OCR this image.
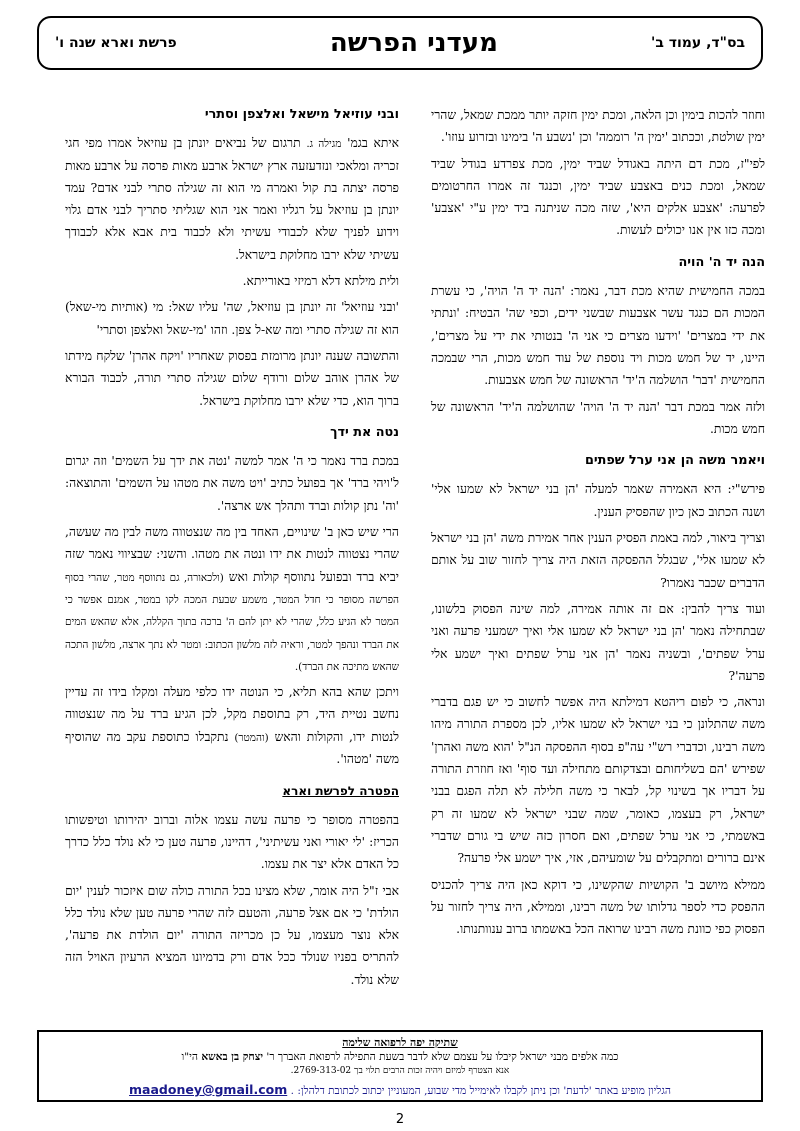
בס"ד, עמוד ב'
מעדני הפרשה
פרשת וארא שנה ו'

וחוזר להכות בימין וכן הלאה, ומכת ימין חזקה יותר ממכת שמאל, שהרי ימין שולטת, וככתוב 'ימין ה' רוממה' וכן 'נשבע ה' בימינו ובזרוע עוזו'.

לפי"ז, מכת דם היתה באגודל שביד ימין, מכת צפרדע בגודל שביד שמאל, ומכת כנים באצבע שביד ימין, וכנגד זה אמרו החרטומים לפרעה: 'אצבע אלקים היא', שזה מכה שניתנה ביד ימין ע"י 'אצבע' ומכה כזו אין אנו יכולים לעשות.

הנה יד ה' הויה

במכה החמישית שהיא מכת דבר, נאמר: 'הנה יד ה' הויה', כי עשרת המכות הם כנגד עשר אצבעות שבשני ידים, וכפי שה' הבטיח: 'ונתתי את ידי במצרים' 'וידעו מצרים כי אני ה' בנטותי את ידי על מצרים', היינו, יד של חמש מכות ויד נוספת של עוד חמש מכות, הרי שבמכה החמישית 'דבר' הושלמה ה'יד' הראשונה של חמש אצבעות.

ולזה אמר במכת דבר 'הנה יד ה' הויה' שהושלמה ה'יד' הראשונה של חמש מכות.

ויאמר משה הן אני ערל שפתים

פירש"י: היא האמירה שאמר למעלה 'הן בני ישראל לא שמעו אלי' ושנה הכתוב כאן כיון שהפסיק הענין.

וצריך ביאור, למה באמת הפסיק הענין אחר אמירת משה 'הן בני ישראל לא שמעו אלי', שבגלל ההפסקה הזאת היה צריך לחזור שוב על אותם הדברים שכבר נאמרו?

ועוד צריך להבין: אם זה אותה אמירה, למה שינה הפסוק בלשונו, שבתחילה נאמר 'הן בני ישראל לא שמעו אלי ואיך ישמעני פרעה ואני ערל שפתים', ובשניה נאמר 'הן אני ערל שפתים ואיך ישמע אלי פרעה'?

ונראה, כי לפום ריהטא דמילתא היה אפשר לחשוב כי יש פגם בדברי משה שהתלונן כי בני ישראל לא שמעו אליו, לכן מספרת התורה מיהו משה רבינו, וכדברי רש"י עה"פ בסוף ההפסקה הנ"ל 'הוא משה ואהרן' שפירש 'הם בשליחותם ובצדקותם מתחילה ועד סוף' ואז חוזרת התורה על דבריו אך בשינוי קל, לבאר כי משה חלילה לא תלה הפגם בבני ישראל, רק בעצמו, כאומר, שמה שבני ישראל לא שמעו זה רק באשמתי, כי אני ערל שפתים, ואם חסרון כזה שיש בי גורם שדברי אינם ברורים ומתקבלים על שומעיהם, אזי, איך ישמע אלי פרעה?

ממילא מיושב ב' הקושיות שהקשינו, כי דוקא כאן היה צריך להכניס ההפסק כדי לספר גדלותו של משה רבינו, וממילא, היה צריך לחזור על הפסוק כפי כוונת משה רבינו שרואה הכל באשמתו ברוב ענוותנותו.

ובני עוזיאל מישאל ואלצפן וסתרי

איתא בגמ' מגילה ג. תרגום של נביאים יונתן בן עוזיאל אמרו מפי חגי זכריה ומלאכי ונזדעזעה ארץ ישראל ארבע מאות פרסה על ארבע מאות פרסה יצתה בת קול ואמרה מי הוא זה שגילה סתרי לבני אדם? עמד יונתן בן עוזיאל על רגליו ואמר אני הוא שגליתי סתריך לבני אדם גלוי וידוע לפניך שלא לכבודי עשיתי ולא לכבוד בית אבא אלא לכבודך עשיתי שלא ירבו מחלוקת בישראל.

ולית מילתא דלא רמיזי באורייתא.

'ובני עוזיאל' זה יונתן בן עוזיאל, שה' עליו שאל: מי (אותיות מי-שאל) הוא זה שגילה סתרי ומה שא-ל צפן. וזהו 'מי-שאל ואלצפן וסתרי'

והתשובה שענה יונתן מרומזת בפסוק שאחריו 'ויקח אהרן' שלקח מידתו של אהרן אוהב שלום ורודף שלום שגילה סתרי תורה, לכבוד הבורא ברוך הוא, כדי שלא ירבו מחלוקת בישראל.

נטה את ידך

במכת ברד נאמר כי ה' אמר למשה 'נטה את ידך על השמים' וזה יגרום ל'ויהי ברד' אך בפועל כתיב 'ויט משה את מטהו על השמים' והתוצאה: 'וה' נתן קולות וברד ותהלך אש ארצה'.

הרי שיש כאן ב' שינויים, האחד בין מה שנצטווה משה לבין מה שעשה, שהרי נצטווה לנטות את ידו ונטה את מטהו. והשני: שבציווי נאמר שזה יביא ברד ובפועל נתווסף קולות ואש (ולכאורה, גם נתווסף מטר, שהרי בסוף הפרשה מסופר כי חדל המטר, משמע שבעת המכה לקו במטר, אמנם אפשר כי המטר לא הגיע כלל, שהרי לא יתן להם ה' ברכה בתוך הקללה, אלא שהאש המים את הברד ונהפך למטר, וראיה לזה מלשון הכתוב: ומטר לא נתך ארצה, מלשון התכה שהאש מתיכה את הברד).

ויתכן שהא בהא תליא, כי הנוטה ידו כלפי מעלה ומקלו בידו זה עדיין נחשב נטיית היד, רק בתוספת מקל, לכן הגיע ברד על מה שנצטווה לנטות ידו, והקולות והאש (והמטר) נתקבלו כתוספת עקב מה שהוסיף משה 'מטהו'.

הפטרה לפרשת וארא

בהפטרה מסופר כי פרעה עשה עצמו אלוה וברוב יהירותו וטיפשותו הכריז: 'לי יאורי ואני עשיתיני', דהיינו, פרעה טען כי לא נולד כלל כדרך כל האדם אלא יצר את עצמו.

אבי ז"ל היה אומר, שלא מצינו בכל התורה כולה שום איזכור לענין 'יום הולדת' כי אם אצל פרעה, והטעם לזה שהרי פרעה טען שלא נולד כלל אלא נוצר מעצמו, על כן מכריזה התורה 'יום הולדת את פרעה', להתריס בפניו שנולד ככל אדם ורק בדמיונו המציא הרעיון האויל הזה שלא נולד.

שתיקה יפה לרפואה שלימה
כמה אלפים מבני ישראל קיבלו על עצמם שלא לדבר בשעת התפילה לרפואת האברך ר' יצחק בן באשא הי"ו
אנא הצטרף למיזם ויהיה זכות הרבים תלוי בך 2769-313-02.
הגליון מופיע באתר 'לדעת' וכן ניתן לקבלו לאימייל מדי שבוע, המעוניין יכתוב לכתובת דלהלן: . maadoney@gmail.com
2
